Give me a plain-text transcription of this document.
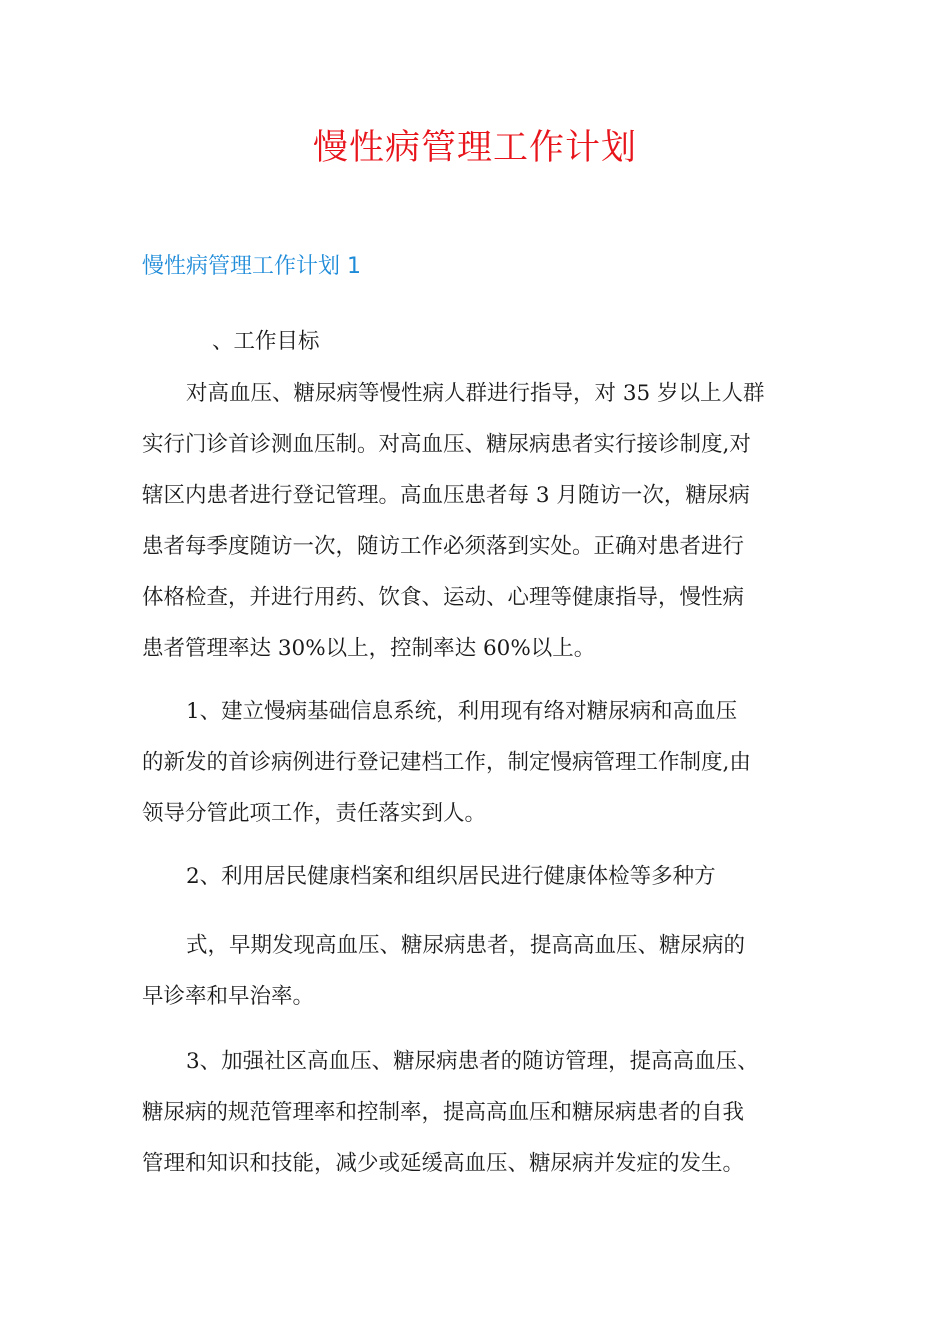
慢性病管理工作计划
慢性病管理工作计划 1

、工作目标

对高血压、糖尿病等慢性病人群进行指导，对 35 岁以上人群
实行门诊首诊测血压制。对高血压、糖尿病患者实行接诊制度,对
辖区内患者进行登记管理。高血压患者每 3 月随访一次，糖尿病
患者每季度随访一次，随访工作必须落到实处。正确对患者进行
体格检查，并进行用药、饮食、运动、心理等健康指导，慢性病
患者管理率达 30%以上，控制率达 60%以上。

1、建立慢病基础信息系统，利用现有络对糖尿病和高血压
的新发的首诊病例进行登记建档工作，制定慢病管理工作制度,由
领导分管此项工作，责任落实到人。

2、利用居民健康档案和组织居民进行健康体检等多种方

式，早期发现高血压、糖尿病患者，提高高血压、糖尿病的
早诊率和早治率。

3、加强社区高血压、糖尿病患者的随访管理，提高高血压、
糖尿病的规范管理率和控制率，提高高血压和糖尿病患者的自我
管理和知识和技能，减少或延缓高血压、糖尿病并发症的发生。
